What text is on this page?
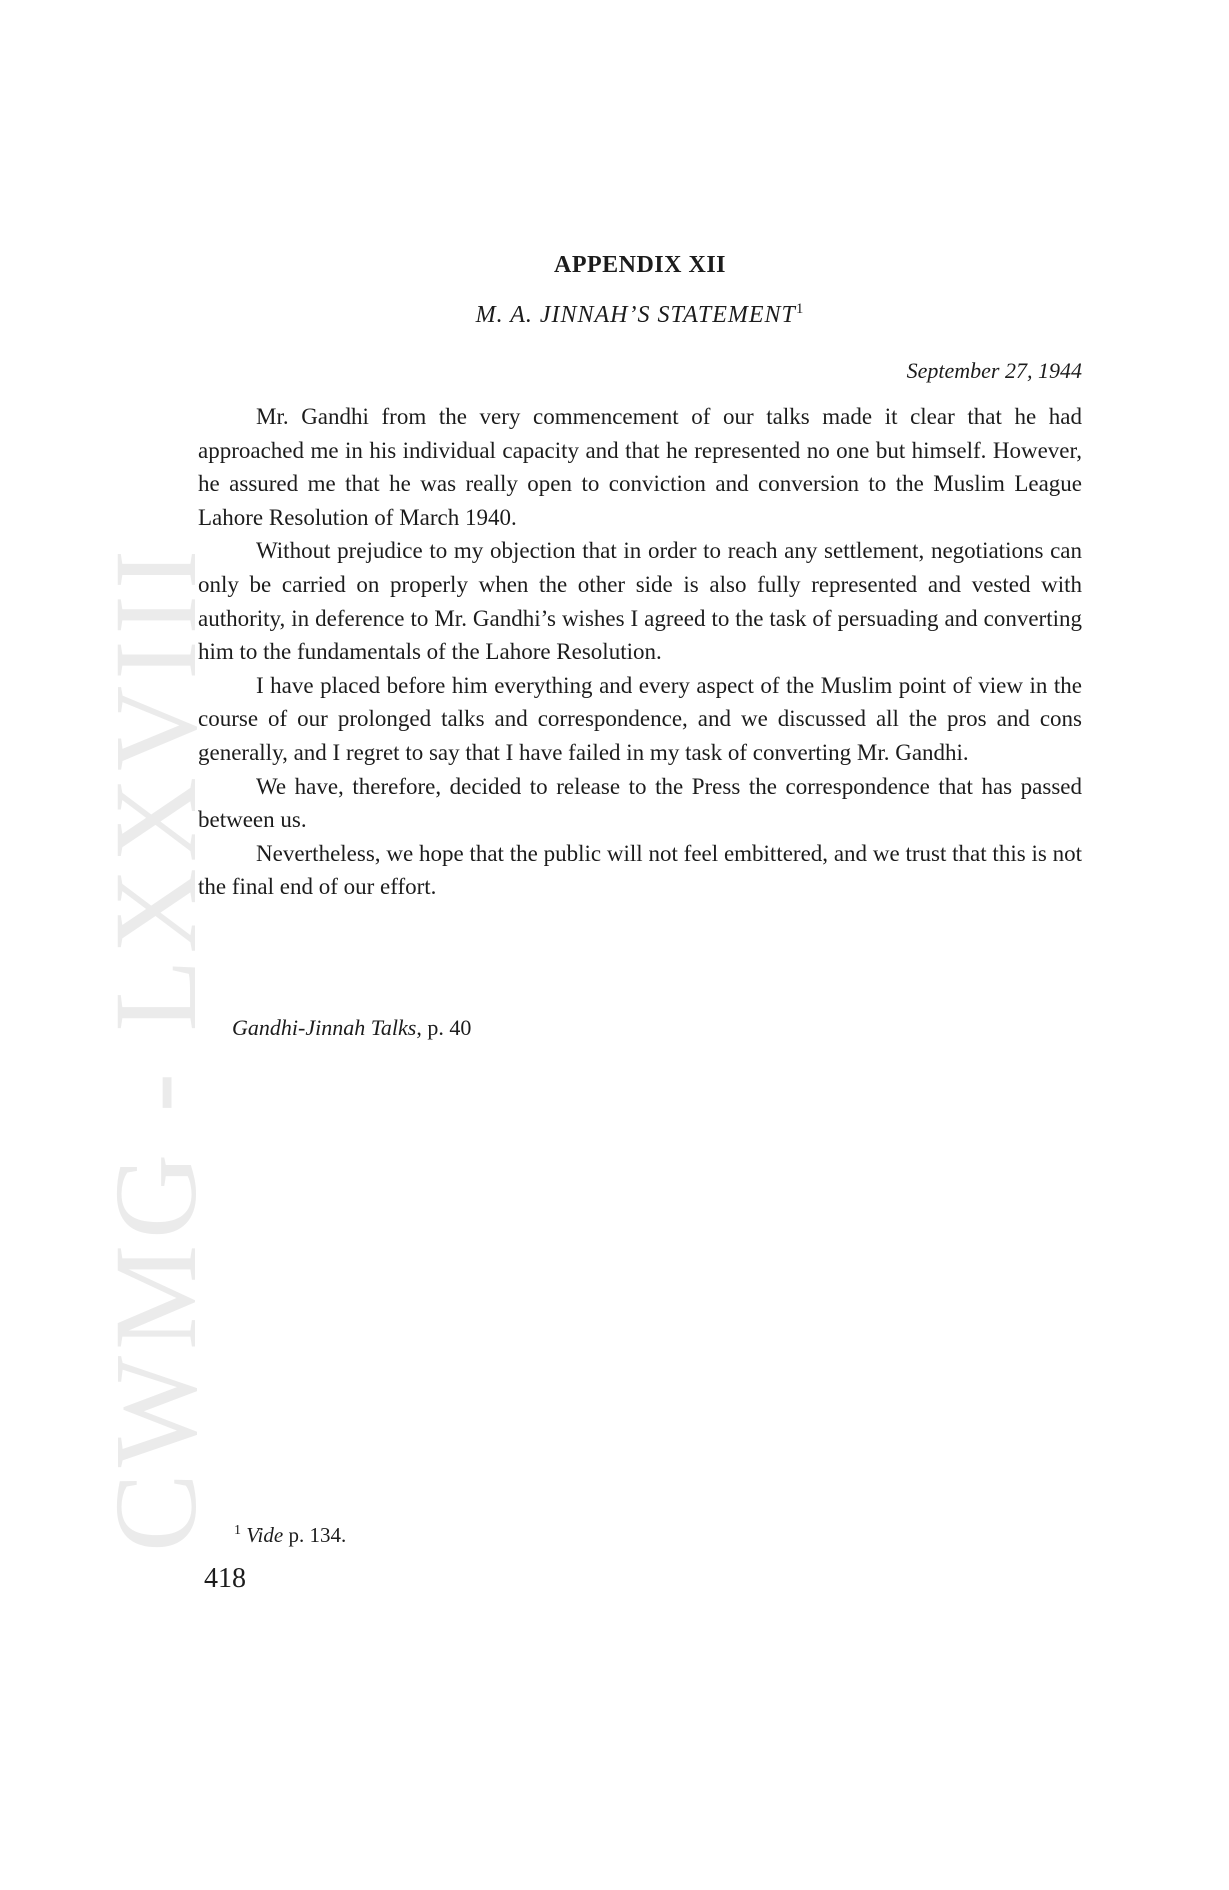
CWMG - LXXVIII
APPENDIX XII
M. A. JINNAH’S STATEMENT$^1$
September 27, 1944

Mr. Gandhi from the very commencement of our talks made it clear that he had approached me in his individual capacity and that he represented no one but himself. However, he assured me that he was really open to conviction and conversion to the Muslim League Lahore Resolution of March 1940.

Without prejudice to my objection that in order to reach any settlement, negotiations can only be carried on properly when the other side is also fully represented and vested with authority, in deference to Mr. Gandhi’s wishes I agreed to the task of persuading and converting him to the fundamentals of the Lahore Resolution.

I have placed before him everything and every aspect of the Muslim point of view in the course of our prolonged talks and correspondence, and we discussed all the pros and cons generally, and I regret to say that I have failed in my task of converting Mr. Gandhi.

We have, therefore, decided to release to the Press the correspondence that has passed between us.

Nevertheless, we hope that the public will not feel embittered, and we trust that this is not the final end of our effort.

Gandhi-Jinnah Talks, p. 40
$^1$ Vide p. 134.
418
